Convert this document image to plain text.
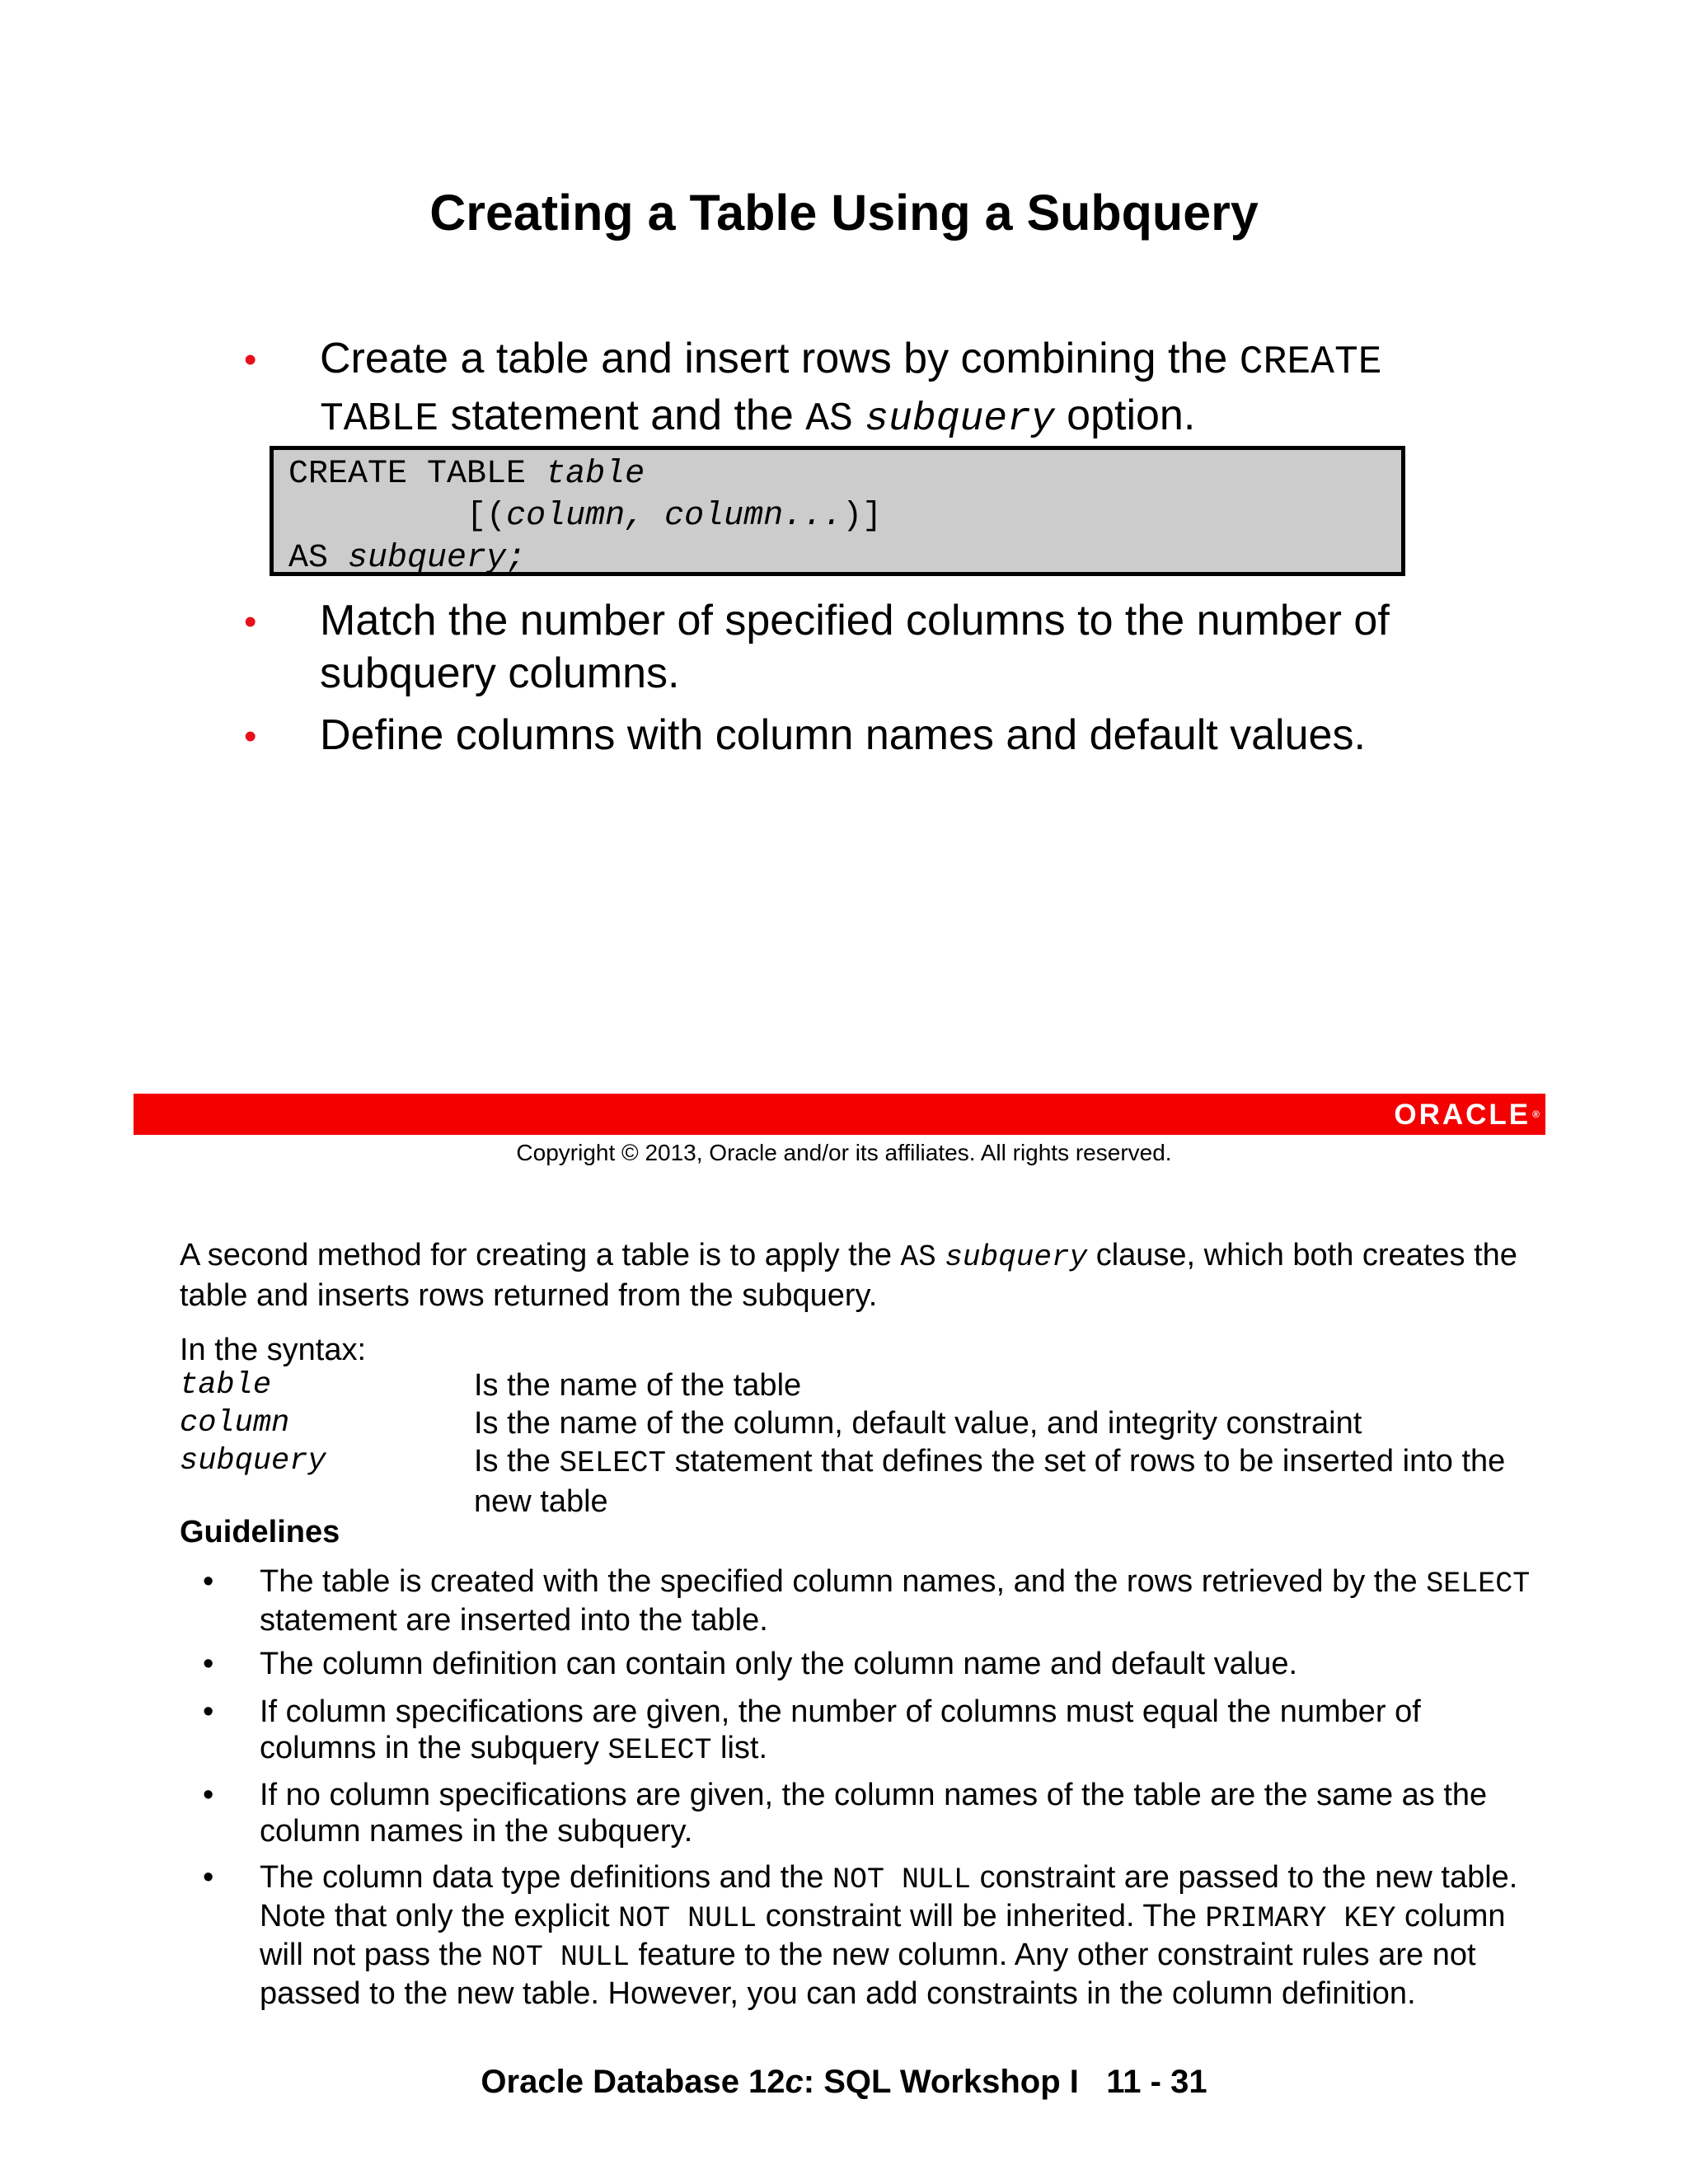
Creating a Table Using a Subquery
• Create a table and insert rows by combining the CREATE
TABLE statement and the AS subquery option.
CREATE TABLE table
[(column, column...)]
AS subquery;
• Match the number of specified columns to the number of
subquery columns.
• Define columns with column names and default values.
ORACLE ®
Copyright © 2013, Oracle and/or its affiliates. All rights reserved.
A second method for creating a table is to apply the AS subquery clause, which both creates the table and inserts rows returned from the subquery.
In the syntax:
table	Is the name of the table
column	Is the name of the column, default value, and integrity constraint
subquery	Is the SELECT statement that defines the set of rows to be inserted into the new table
Guidelines
• The table is created with the specified column names, and the rows retrieved by the SELECT statement are inserted into the table.
• The column definition can contain only the column name and default value.
• If column specifications are given, the number of columns must equal the number of columns in the subquery SELECT list.
• If no column specifications are given, the column names of the table are the same as the column names in the subquery.
• The column data type definitions and the NOT NULL constraint are passed to the new table. Note that only the explicit NOT NULL constraint will be inherited. The PRIMARY KEY column will not pass the NOT NULL feature to the new column. Any other constraint rules are not passed to the new table. However, you can add constraints in the column definition.
Oracle Database 12c: SQL Workshop I   11 - 31
